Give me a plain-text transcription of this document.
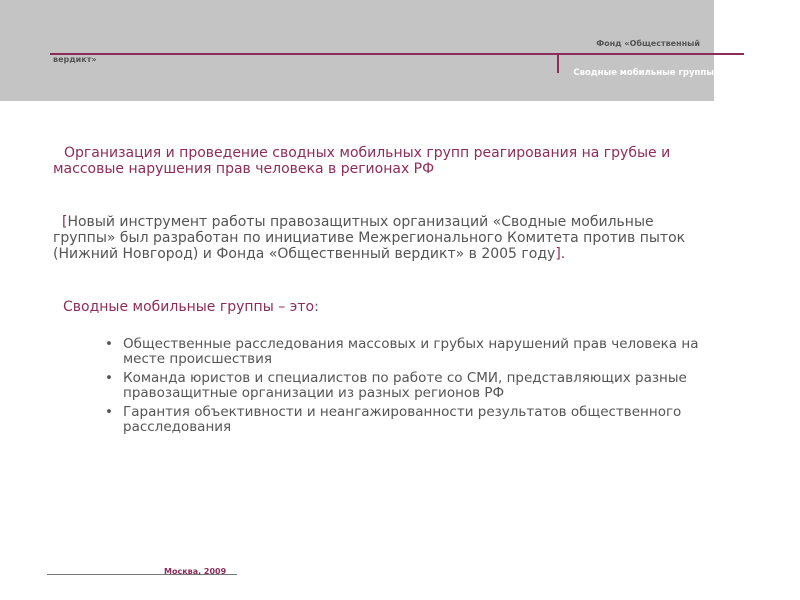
Фонд «Общественный
вердикт»
Сводные мобильные группы
Организация и проведение сводных мобильных групп реагирования на грубые и массовые нарушения прав человека в регионах РФ

[Новый инструмент работы правозащитных организаций «Сводные мобильные группы» был разработан по инициативе Межрегионального Комитета против пыток (Нижний Новгород) и Фонда «Общественный вердикт» в 2005 году].

Сводные мобильные группы – это:

• Общественные расследования массовых и грубых нарушений прав человека на месте происшествия
• Команда юристов и специалистов по работе со СМИ, представляющих разные правозащитные организации из разных регионов РФ
• Гарантия объективности и неангажированности результатов общественного расследования
Москва, 2009
